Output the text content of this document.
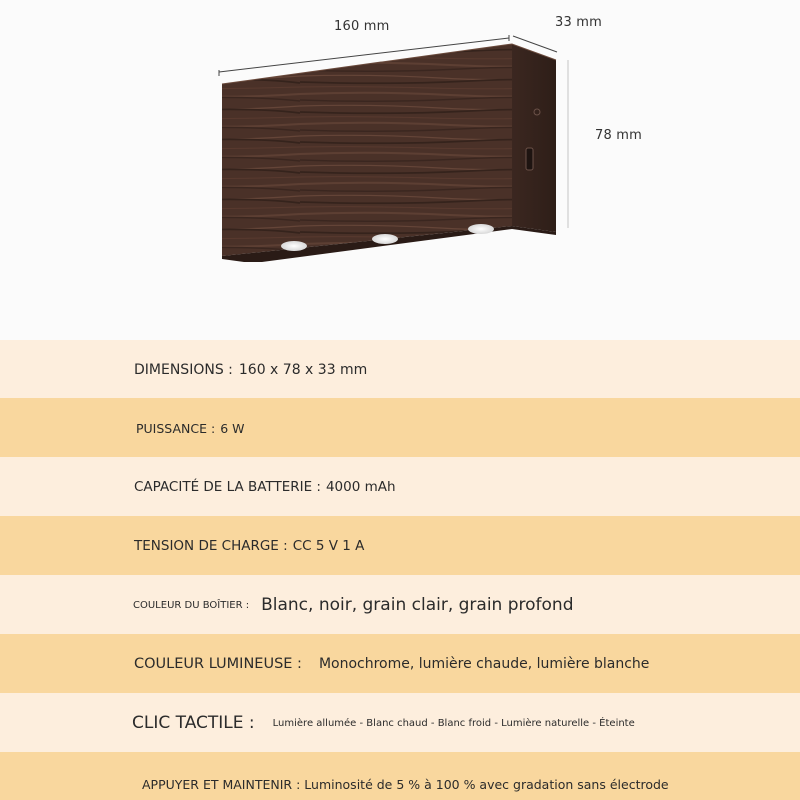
160 mm	33 mm
78 mm
DIMENSIONS : 160 x 78 x 33 mm
PUISSANCE : 6 W
CAPACITÉ DE LA BATTERIE : 4000 mAh
TENSION DE CHARGE : CC 5 V 1 A
COULEUR DU BOÎTIER : Blanc, noir, grain clair, grain profond
COULEUR LUMINEUSE : Monochrome, lumière chaude, lumière blanche
CLIC TACTILE : Lumière allumée - Blanc chaud - Blanc froid - Lumière naturelle - Éteinte
APPUYER ET MAINTENIR : Luminosité de 5 % à 100 % avec gradation sans électrode
